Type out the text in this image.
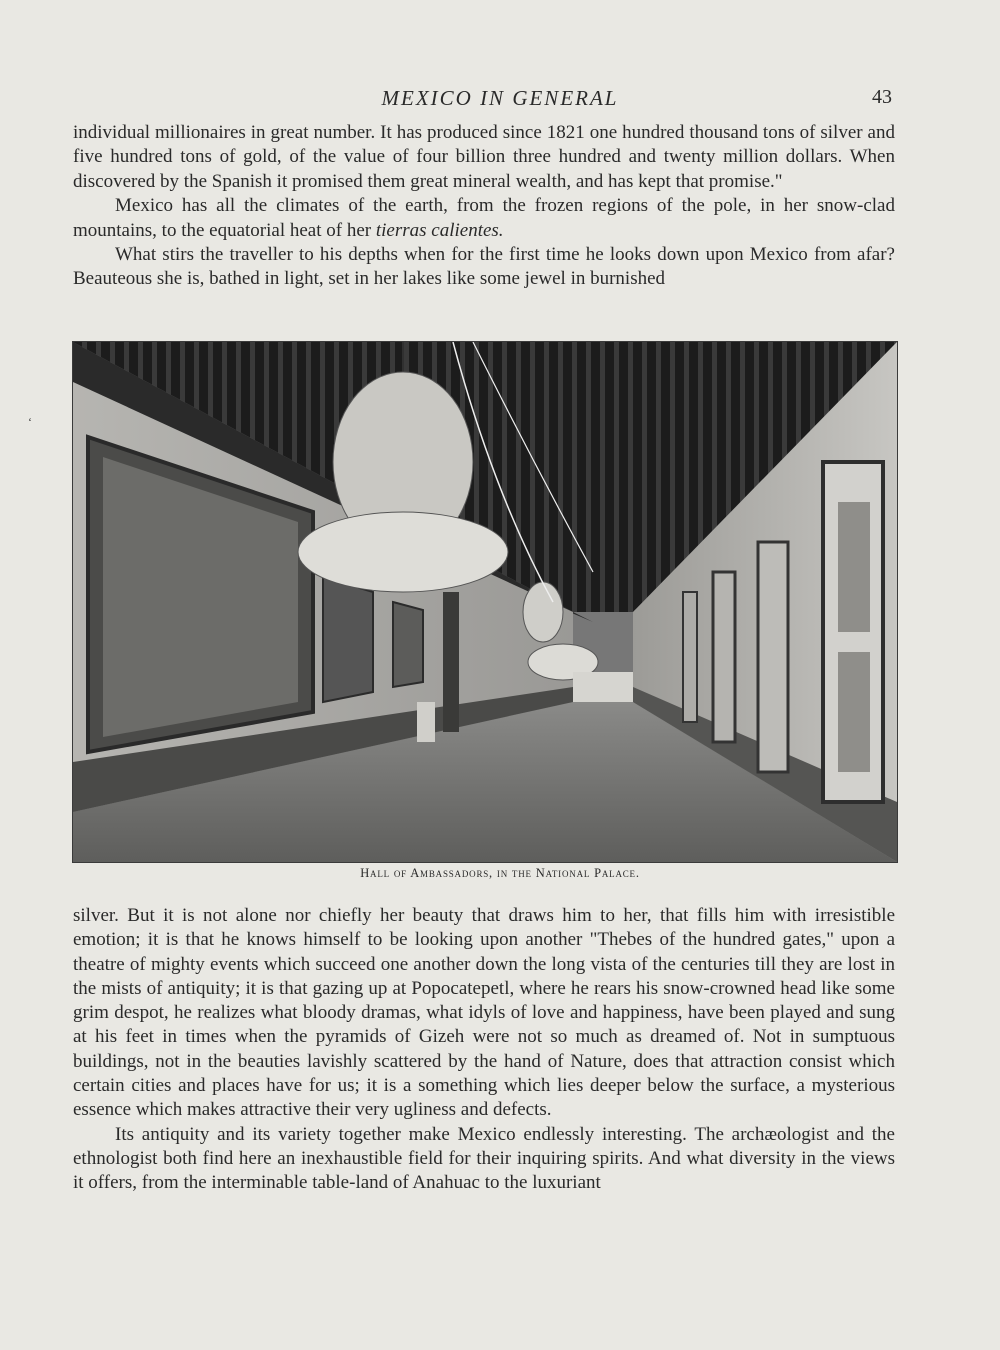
MEXICO IN GENERAL	43

individual millionaires in great number. It has produced since 1821 one hundred thousand tons of silver and five hundred tons of gold, of the value of four billion three hundred and twenty million dollars. When discovered by the Spanish it promised them great mineral wealth, and has kept that promise."

Mexico has all the climates of the earth, from the frozen regions of the pole, in her snow-clad mountains, to the equatorial heat of her tierras calientes.

What stirs the traveller to his depths when for the first time he looks down upon Mexico from afar? Beauteous she is, bathed in light, set in her lakes like some jewel in burnished

‘
Hall of Ambassadors, in the National Palace.

silver. But it is not alone nor chiefly her beauty that draws him to her, that fills him with irresistible emotion; it is that he knows himself to be looking upon another "Thebes of the hundred gates," upon a theatre of mighty events which succeed one another down the long vista of the centuries till they are lost in the mists of antiquity; it is that gazing up at Popocatepetl, where he rears his snow-crowned head like some grim despot, he realizes what bloody dramas, what idyls of love and happiness, have been played and sung at his feet in times when the pyramids of Gizeh were not so much as dreamed of. Not in sumptuous buildings, not in the beauties lavishly scattered by the hand of Nature, does that attraction consist which certain cities and places have for us; it is a something which lies deeper below the surface, a mysterious essence which makes attractive their very ugliness and defects.

Its antiquity and its variety together make Mexico endlessly interesting. The archæologist and the ethnologist both find here an inexhaustible field for their inquiring spirits. And what diversity in the views it offers, from the interminable table-land of Anahuac to the luxuriant
